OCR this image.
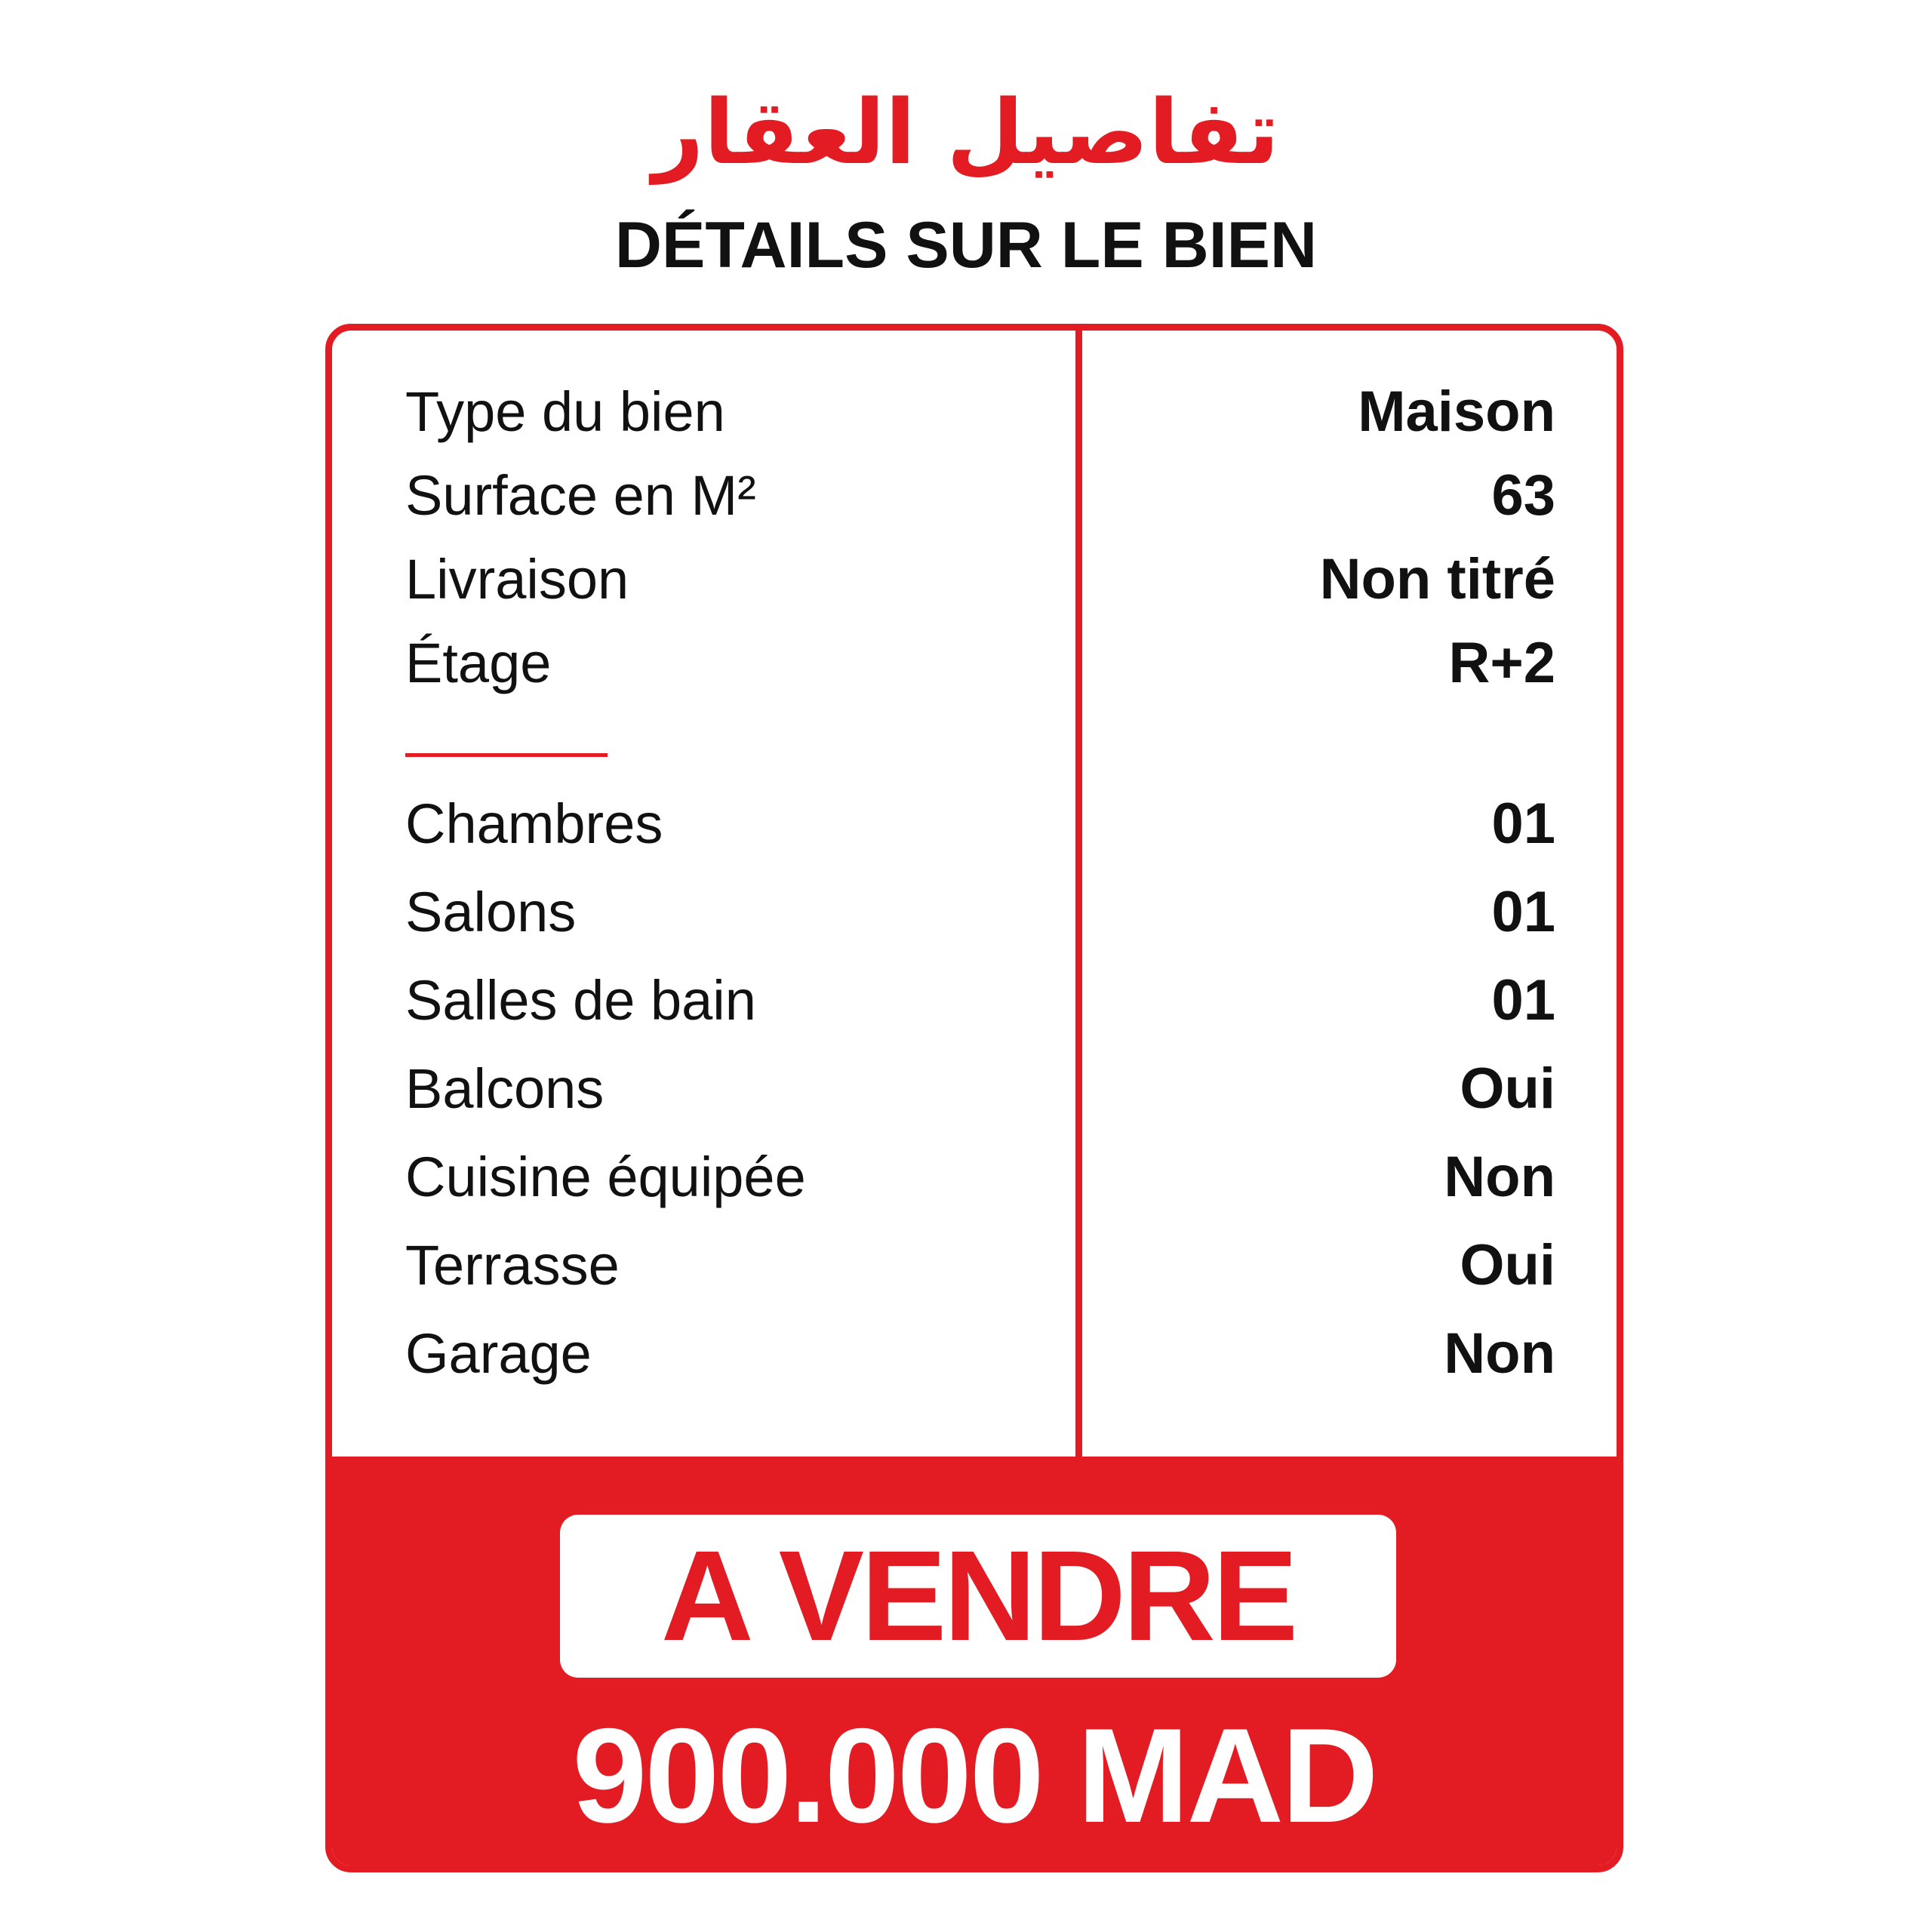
تفاصيل العقار
DÉTAILS SUR LE BIEN
Type du bien	Maison
Surface en M²	63
Livraison	Non titré
Étage	R+2
Chambres	01
Salons	01
Salles de bain	01
Balcons	Oui
Cuisine équipée	Non
Terrasse	Oui
Garage	Non
A VENDRE
900.000 MAD
